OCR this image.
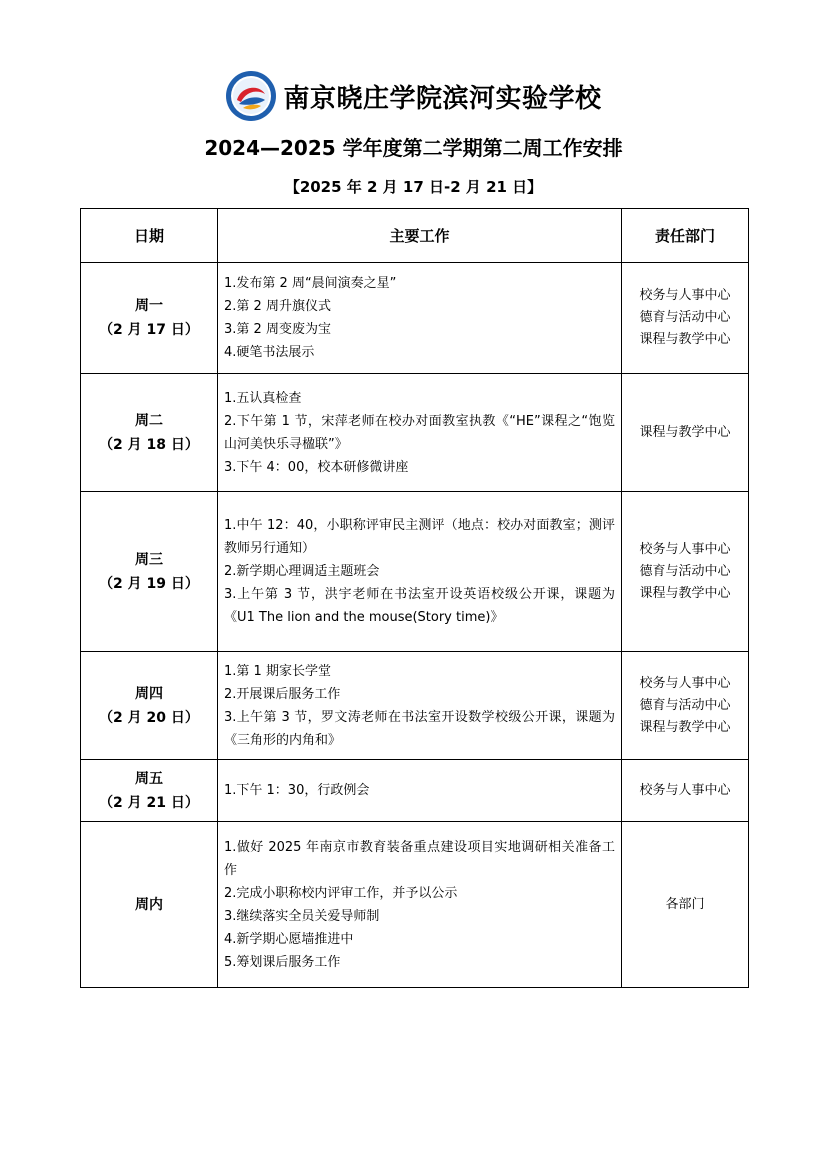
南京晓庄学院滨河实验学校
2024—2025 学年度第二学期第二周工作安排
【2025 年 2 月 17 日-2 月 21 日】
日期	主要工作	责任部门

周一
（2 月 17 日）	1.发布第 2 周“晨间演奏之星”
2.第 2 周升旗仪式
3.第 2 周变废为宝
4.硬笔书法展示	校务与人事中心
德育与活动中心
课程与教学中心

周二
（2 月 18 日）	1.五认真检查
2.下午第 1 节，宋萍老师在校办对面教室执教《“HE”课程之“饱览山河美快乐寻楹联”》
3.下午 4：00，校本研修微讲座	课程与教学中心

周三
（2 月 19 日）	1.中午 12：40，小职称评审民主测评（地点：校办对面教室；测评教师另行通知）
2.新学期心理调适主题班会
3.上午第 3 节，洪宇老师在书法室开设英语校级公开课，课题为《U1 The lion and the mouse(Story time)》	校务与人事中心
德育与活动中心
课程与教学中心

周四
（2 月 20 日）	1.第 1 期家长学堂
2.开展课后服务工作
3.上午第 3 节，罗文涛老师在书法室开设数学校级公开课，课题为《三角形的内角和》	校务与人事中心
德育与活动中心
课程与教学中心

周五
（2 月 21 日）	1.下午 1：30，行政例会	校务与人事中心

周内	1.做好 2025 年南京市教育装备重点建设项目实地调研相关准备工作
2.完成小职称校内评审工作，并予以公示
3.继续落实全员关爱导师制
4.新学期心愿墙推进中
5.筹划课后服务工作	各部门
